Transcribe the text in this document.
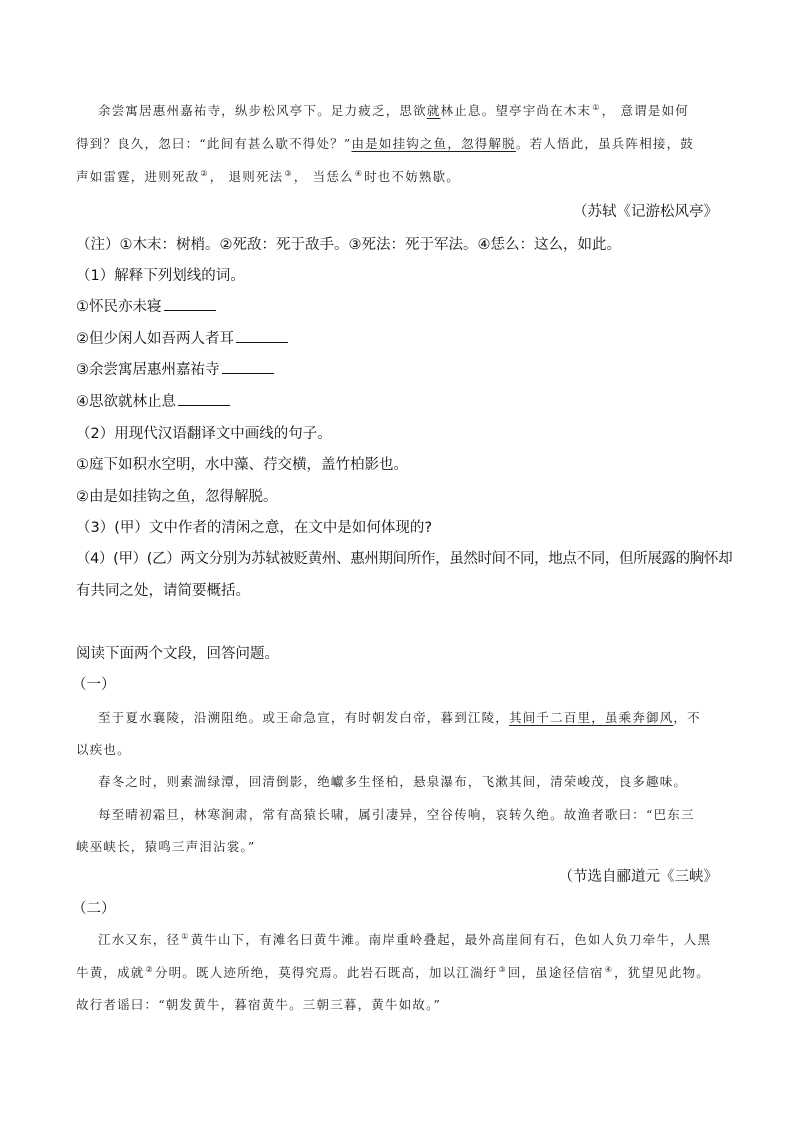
余尝寓居惠州嘉祐寺，纵步松风亭下。足力疲乏，思欲就林止息。望亭宇尚在木末①， 意谓是如何
得到？良久，忽曰：“此间有甚么歇不得处？”由是如挂钩之鱼，忽得解脱。若人悟此，虽兵阵相接，鼓
声如雷霆，进则死敌②， 退则死法③， 当恁么④时也不妨熟歇。
（苏轼《记游松风亭》
（注）①木末：树梢。②死敌：死于敌手。③死法：死于军法。④恁么：这么，如此。
（1）解释下列划线的词。
①怀民亦未寝
②但少闲人如吾两人者耳
③余尝寓居惠州嘉祐寺
④思欲就林止息
（2）用现代汉语翻译文中画线的句子。
①庭下如积水空明，水中藻、荇交横，盖竹柏影也。
②由是如挂钩之鱼，忽得解脱。
（3）(甲）文中作者的清闲之意，在文中是如何体现的?
（4）(甲）(乙）两文分别为苏轼被贬黄州、惠州期间所作，虽然时间不同，地点不同，但所展露的胸怀却
有共同之处，请简要概括。
阅读下面两个文段，回答问题。
（一）
至于夏水襄陵，沿溯阻绝。或王命急宣，有时朝发白帝，暮到江陵，其间千二百里，虽乘奔御风，不
以疾也。
春冬之时，则素湍绿潭，回清倒影，绝巘多生怪柏，悬泉瀑布，飞漱其间，清荣峻茂，良多趣味。
每至晴初霜旦，林寒涧肃，常有高猿长啸，属引凄异，空谷传响，哀转久绝。故渔者歌曰：“巴东三
峡巫峡长，猿鸣三声泪沾裳。”
（节选自郦道元《三峡》
（二）
江水又东，径①黄牛山下，有滩名曰黄牛滩。南岸重岭叠起，最外高崖间有石，色如人负刀牵牛，人黑
牛黄，成就②分明。既人迹所绝，莫得究焉。此岩石既高，加以江湍纡③回，虽途径信宿④，犹望见此物。
故行者谣曰：“朝发黄牛，暮宿黄牛。三朝三暮，黄牛如故。”
